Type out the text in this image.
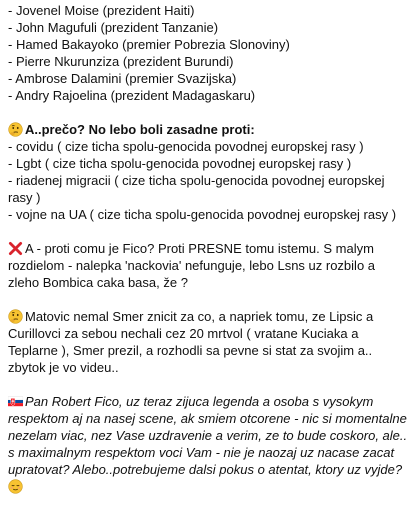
- Jovenel Moise (prezident Haiti)
- John Magufuli (prezident Tanzanie)
- Hamed Bakayoko (premier Pobrezia Slonoviny)
- Pierre Nkurunziza (prezident Burundi)
- Ambrose Dalamini (premier Svazijska)
- Andry Rajoelina (prezident Madagaskaru)
A..prečo? No lebo boli zasadne proti:
- covidu ( cize ticha spolu-genocida povodnej europskej rasy )
- Lgbt ( cize ticha spolu-genocida povodnej europskej rasy )
- riadenej migracii ( cize ticha spolu-genocida povodnej europskej rasy )
- vojne na UA ( cize ticha spolu-genocida povodnej europskej rasy )
A - proti comu je Fico? Proti PRESNE tomu istemu. S malym rozdielom - nalepka 'nackovia' nefunguje, lebo Lsns uz rozbilo a zleho Bombica caka basa, že ?
Matovic nemal Smer znicit za co, a napriek tomu, ze Lipsic a Curillovci za sebou nechali cez 20 mrtvol ( vratane Kuciaka a Teplarne ), Smer prezil, a rozhodli sa pevne si stat za svojim a.. zbytok je vo videu..
Pan Robert Fico, uz teraz zijuca legenda a osoba s vysokym respektom aj na nasej scene, ak smiem otcorene - nic si momentalne nezelam viac, nez Vase uzdravenie a verim, ze to bude coskoro, ale.. s maximalnym respektom voci Vam - nie je naozaj uz nacase zacat upratovat? Alebo..potrebujeme dalsi pokus o atentat, ktory uz vyjde?
